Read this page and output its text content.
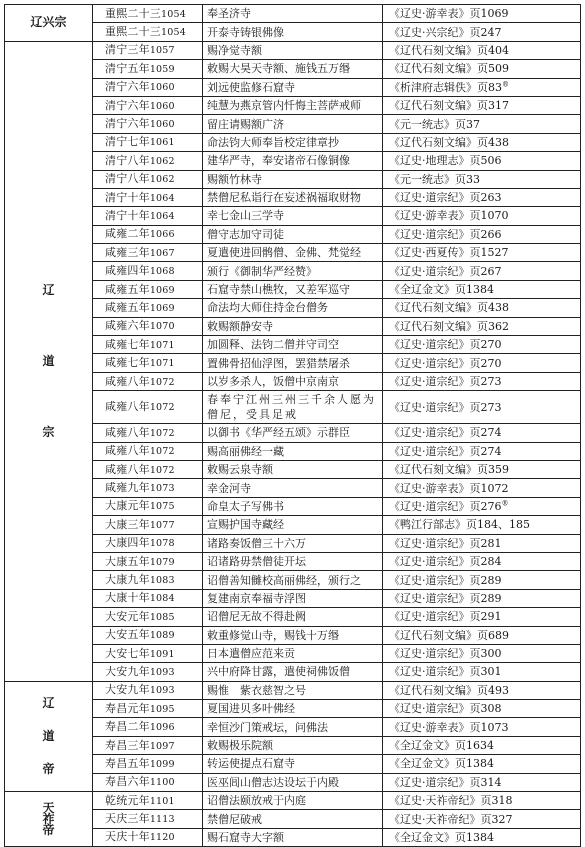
辽兴宗	重熙二十三1054	奉圣济寺	《辽史·游幸表》页1069
	重熙二十三1054	开泰寺铸银佛像	《辽史·兴宗纪》页247

辽
道
宗	清宁三年1057	赐净觉寺额	《辽代石刻文编》页404
	清宁五年1059	敕赐大昊天寺额、施钱五万缗	《辽代石刻文编》页509
	清宁六年1060	刘远使监修石窟寺	《析津府志辑佚》页83®
	清宁六年1060	纯慧为燕京管内忏悔主菩萨戒师	《辽代石刻文编》页317
	清宁六年1060	留庄请赐额广济	《元一统志》页37
	清宁七年1061	命法钧大师奉旨校定律章抄	《辽代石刻文编》页438
	清宁八年1062	建华严寺，奉安诸帝石像铜像	《辽史·地理志》页506
	清宁八年1062	赐额竹林寺	《元一统志》页33
	清宁十年1064	禁僧尼私诣行在妄述祸福取财物	《辽史·道宗纪》页263
	清宁十年1064	幸七金山三学寺	《辽史·游幸表》页1070
	咸雍二年1066	僧守志加守司徒	《辽史·道宗纪》页266
	咸雍三年1067	夏遣使进回鹘僧、金佛、梵觉经	《辽史·西夏传》页1527
	咸雍四年1068	颁行《御制华严经赞》	《辽史·道宗纪》页267
	咸雍五年1069	石窟寺禁山樵牧，又差军巡守	《全辽金文》页1384
	咸雍五年1069	命法均大师住持金台僧务	《辽代石刻文编》页438
	咸雍六年1070	敕赐额静安寺	《辽代石刻文编》页362
	咸雍七年1071	加圆释、法钧二僧并守司空	《辽史·道宗纪》页270
	咸雍七年1071	置佛骨招仙浮图，罢猎禁屠杀	《辽史·道宗纪》页270
	咸雍八年1072	以岁多杀人，饭僧中京南京	《辽史·道宗纪》页273
	咸雍八年1072	春奉宁江州三州三千余人愿为僧尼，受具足戒	《辽史·道宗纪》页273
	咸雍八年1072	以御书《华严经五颂》示群臣	《辽史·道宗纪》页274
	咸雍八年1072	赐高丽佛经一藏	《辽史·道宗纪》页274
	咸雍八年1072	敕赐云泉寺额	《辽代石刻文编》页359
	咸雍九年1073	幸金河寺	《辽史·游幸表》页1072
	大康元年1075	命皇太子写佛书	《辽史·道宗纪》页276®
	大康三年1077	宣赐护国寺藏经	《鸭江行部志》页184、185
	大康四年1078	诸路奏饭僧三十六万	《辽史·道宗纪》页281
	大康五年1079	诏诸路毋禁僧徒开坛	《辽史·道宗纪》页284
	大康九年1083	诏僧善知雠校高丽佛经，颁行之	《辽史·道宗纪》页289
	大康十年1084	复建南京奉福寺浮图	《辽史·道宗纪》页289
	大安元年1085	诏僧尼无故不得赴阙	《辽史·道宗纪》页291
	大安五年1089	敕重修觉山寺，赐钱十万缗	《辽代石刻文编》页689
	大安七年1091	日本遣僧应范来贡	《辽史·道宗纪》页300
	大安九年1093	兴中府降甘露，遣使祠佛饭僧	《辽史·道宗纪》页301

辽
道
帝	大安九年1093	赐惟　紫衣慈智之号	《辽代石刻文编》页493
	寿昌元年1095	夏国进贝多叶佛经	《辽史·道宗纪》页308
	寿昌二年1096	幸恒沙门策戒坛，问佛法	《辽史·游幸表》页1073
	寿昌三年1097	敕赐极乐院额	《全辽金文》页1634
	寿昌五年1099	转运使提点石窟寺	《全辽金文》页1384
	寿昌六年1100	医巫闾山僧志达设坛于内殿	《辽史·道宗纪》页314

天
祚
帝	乾统元年1101	诏僧法颐放戒于内庭	《辽史·天祚帝纪》页318
	天庆三年1113	禁僧尼破戒	《辽史·天祚帝纪》页327
	天庆十年1120	赐石窟寺大字额	《全辽金文》页1384
